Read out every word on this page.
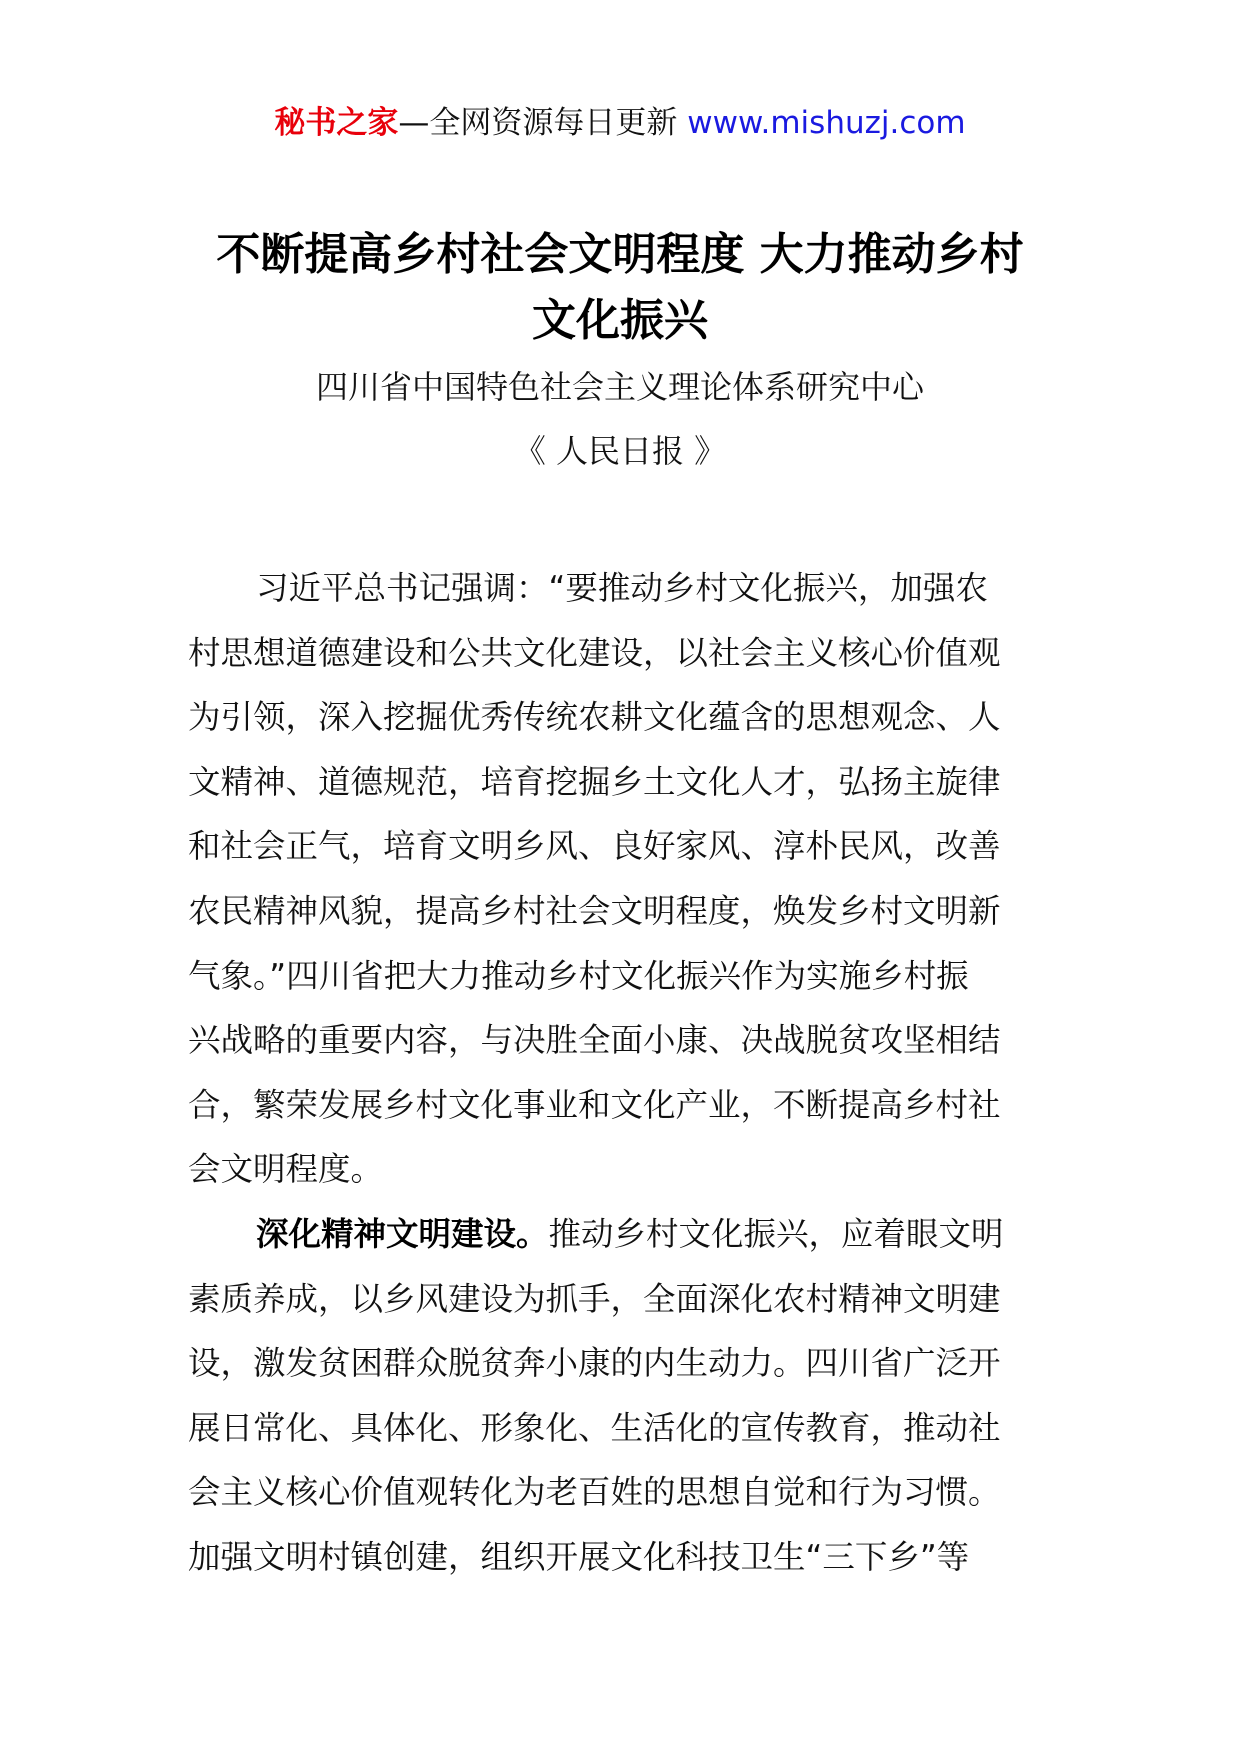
秘书之家—全网资源每日更新 www.mishuzj.com
不断提高乡村社会文明程度 大力推动乡村
文化振兴
四川省中国特色社会主义理论体系研究中心
《 人民日报 》
习近平总书记强调：“要推动乡村文化振兴，加强农
村思想道德建设和公共文化建设，以社会主义核心价值观
为引领，深入挖掘优秀传统农耕文化蕴含的思想观念、人
文精神、道德规范，培育挖掘乡土文化人才，弘扬主旋律
和社会正气，培育文明乡风、良好家风、淳朴民风，改善
农民精神风貌，提高乡村社会文明程度，焕发乡村文明新
气象。”四川省把大力推动乡村文化振兴作为实施乡村振
兴战略的重要内容，与决胜全面小康、决战脱贫攻坚相结
合，繁荣发展乡村文化事业和文化产业，不断提高乡村社
会文明程度。
深化精神文明建设。推动乡村文化振兴，应着眼文明
素质养成，以乡风建设为抓手，全面深化农村精神文明建
设，激发贫困群众脱贫奔小康的内生动力。四川省广泛开
展日常化、具体化、形象化、生活化的宣传教育，推动社
会主义核心价值观转化为老百姓的思想自觉和行为习惯。
加强文明村镇创建，组织开展文化科技卫生“三下乡”等
